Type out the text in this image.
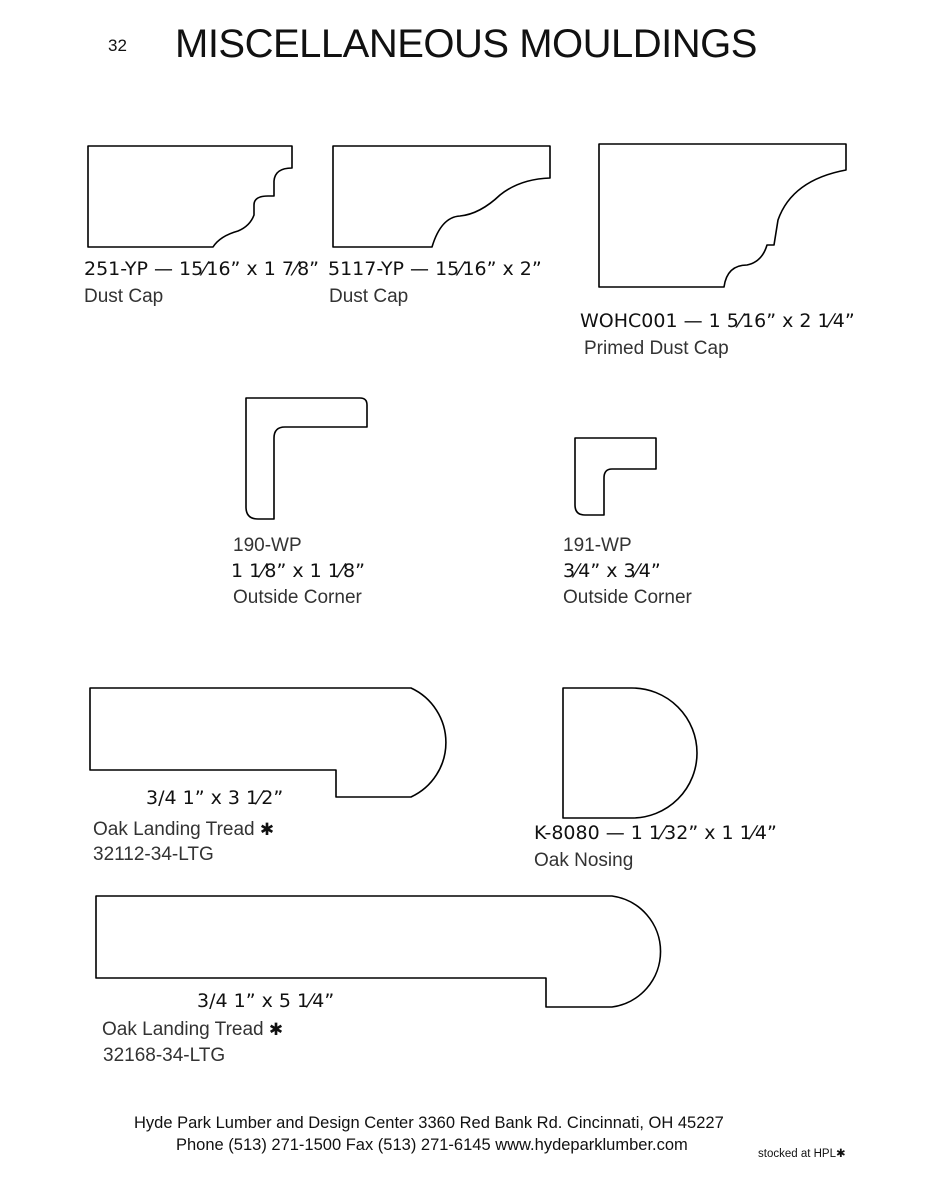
32 MISCELLANEOUS MOULDINGS
251-YP — 15⁄16” x 1 7⁄8”
Dust Cap
5117-YP — 15⁄16” x 2”
Dust Cap
WOHC001 — 1 5⁄16” x 2 1⁄4”
Primed Dust Cap
190-WP
1 1⁄8” x 1 1⁄8”
Outside Corner
191-WP
3⁄4” x 3⁄4”
Outside Corner
3/4 1” x 3 1⁄2”
Oak Landing Tread ✱
32112-34-LTG
K-8080 — 1 1⁄32” x 1 1⁄4”
Oak Nosing
3/4 1” x 5 1⁄4”
Oak Landing Tread ✱
32168-34-LTG
Hyde Park Lumber and Design Center 3360 Red Bank Rd. Cincinnati, OH 45227
Phone (513) 271-1500 Fax (513) 271-6145 www.hydeparklumber.com	stocked at HPL✱
